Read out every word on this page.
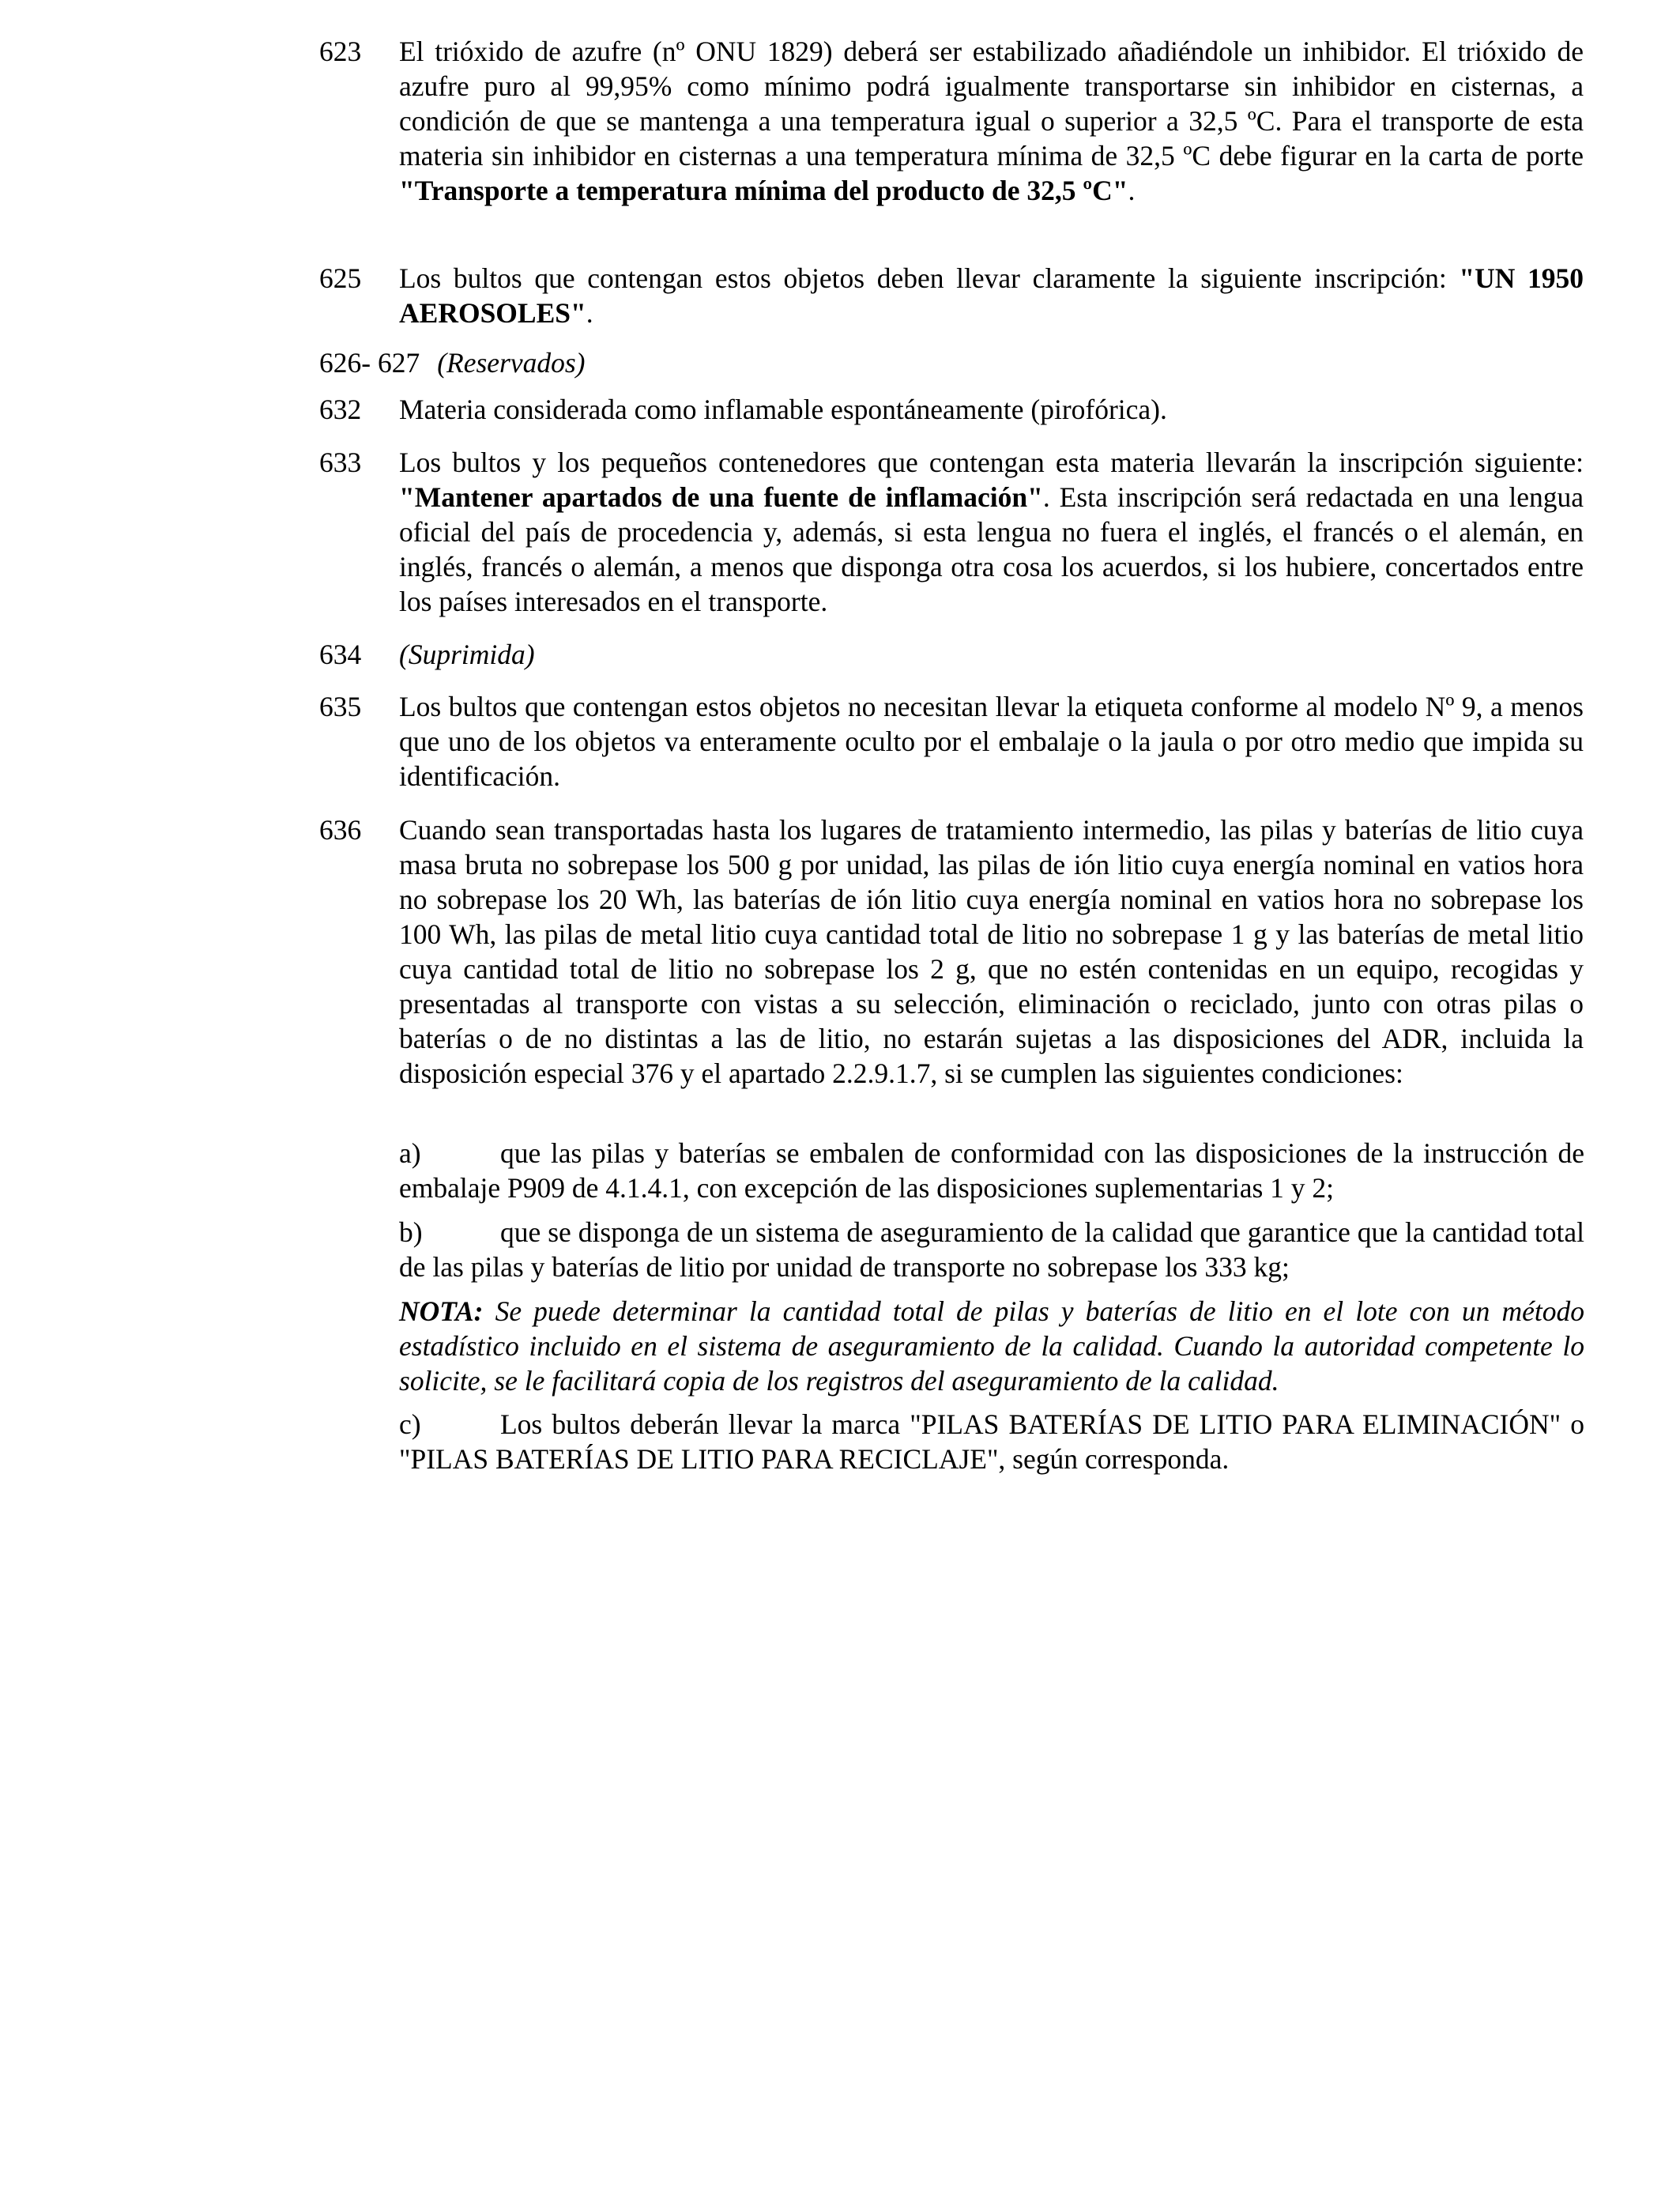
623 El trióxido de azufre (nº ONU 1829) deberá ser estabilizado añadiéndole un inhibidor. El trióxido de azufre puro al 99,95% como mínimo podrá igualmente transportarse sin inhibidor en cisternas, a condición de que se mantenga a una temperatura igual o superior a 32,5 ºC. Para el transporte de esta materia sin inhibidor en cisternas a una temperatura mínima de 32,5 ºC debe figurar en la carta de porte "Transporte a temperatura mínima del producto de 32,5 ºC".
625 Los bultos que contengan estos objetos deben llevar claramente la siguiente inscripción: "UN 1950 AEROSOLES".
626- 627 (Reservados)
632 Materia considerada como inflamable espontáneamente (pirofórica).
633 Los bultos y los pequeños contenedores que contengan esta materia llevarán la inscripción siguiente: "Mantener apartados de una fuente de inflamación". Esta inscripción será redactada en una lengua oficial del país de procedencia y, además, si esta lengua no fuera el inglés, el francés o el alemán, en inglés, francés o alemán, a menos que disponga otra cosa los acuerdos, si los hubiere, concertados entre los países interesados en el transporte.
634 (Suprimida)
635 Los bultos que contengan estos objetos no necesitan llevar la etiqueta conforme al modelo Nº 9, a menos que uno de los objetos va enteramente oculto por el embalaje o la jaula o por otro medio que impida su identificación.
636 Cuando sean transportadas hasta los lugares de tratamiento intermedio, las pilas y baterías de litio cuya masa bruta no sobrepase los 500 g por unidad, las pilas de ión litio cuya energía nominal en vatios hora no sobrepase los 20 Wh, las baterías de ión litio cuya energía nominal en vatios hora no sobrepase los 100 Wh, las pilas de metal litio cuya cantidad total de litio no sobrepase 1 g y las baterías de metal litio cuya cantidad total de litio no sobrepase los 2 g, que no estén contenidas en un equipo, recogidas y presentadas al transporte con vistas a su selección, eliminación o reciclado, junto con otras pilas o baterías o de no distintas a las de litio, no estarán sujetas a las disposiciones del ADR, incluida la disposición especial 376 y el apartado 2.2.9.1.7, si se cumplen las siguientes condiciones:
a)	que las pilas y baterías se embalen de conformidad con las disposiciones de la instrucción de embalaje P909 de 4.1.4.1, con excepción de las disposiciones suplementarias 1 y 2;
b)	que se disponga de un sistema de aseguramiento de la calidad que garantice que la cantidad total de las pilas y baterías de litio por unidad de transporte no sobrepase los 333 kg;
NOTA: Se puede determinar la cantidad total de pilas y baterías de litio en el lote con un método estadístico incluido en el sistema de aseguramiento de la calidad. Cuando la autoridad competente lo solicite, se le facilitará copia de los registros del aseguramiento de la calidad.
c)	Los bultos deberán llevar la marca "PILAS BATERÍAS DE LITIO PARA ELIMINACIÓN" o "PILAS BATERÍAS DE LITIO PARA RECICLAJE", según corresponda.
